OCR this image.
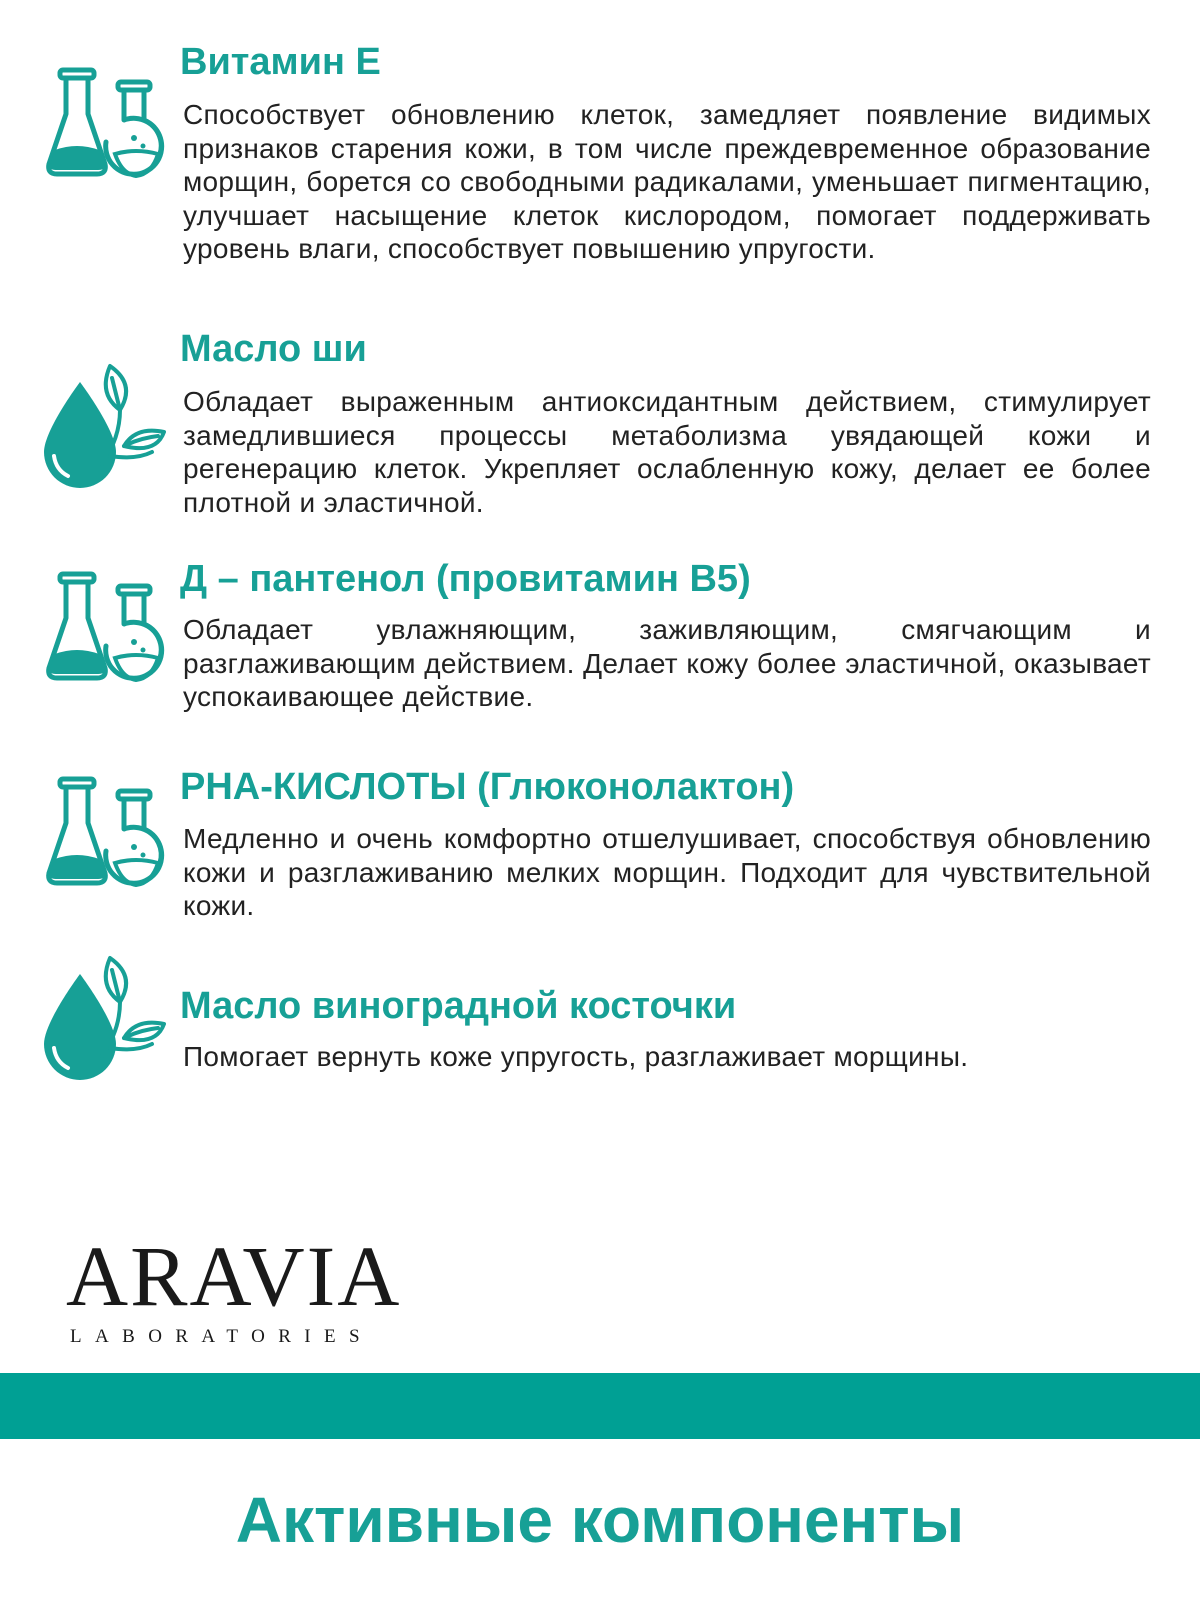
Витамин Е

Способствует обновлению клеток, замедляет появление видимых признаков старения кожи, в том числе преждевременное образование морщин, борется со свободными радикалами, уменьшает пигментацию, улучшает насыщение клеток кислородом, помогает поддерживать уровень влаги, способствует повышению упругости.

Масло ши

Обладает выраженным антиоксидантным действием, стимулирует замедлившиеся процессы метаболизма увядающей кожи и регенерацию клеток. Укрепляет ослабленную кожу, делает ее более плотной и эластичной.

Д – пантенол (провитамин В5)

Обладает увлажняющим, заживляющим, смягчающим и разглаживающим действием. Делает кожу более эластичной, оказывает успокаивающее действие.

PHA-КИСЛОТЫ (Глюконолактон)

Медленно и очень комфортно отшелушивает, способствуя обновлению кожи и разглаживанию мелких морщин. Подходит для чувствительной кожи.

Масло виноградной косточки

Помогает вернуть коже упругость, разглаживает морщины.

ARAVIA
LABORATORIES
Активные компоненты
